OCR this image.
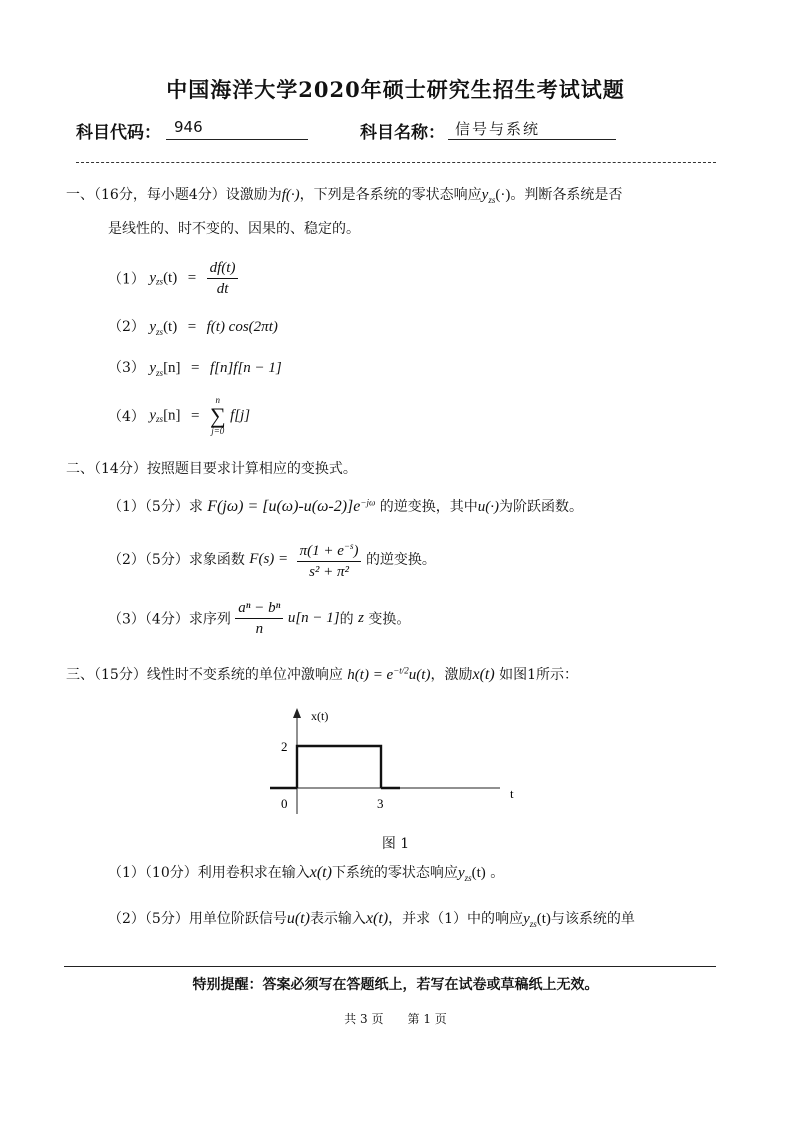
中国海洋大学2020年硕士研究生招生考试试题
科目代码： 946	科目名称： 信号与系统
一、（16分，每小题4分）设激励为f(·)，下列是各系统的零状态响应$y_{zs}(\cdot)$。判断各系统是否
是线性的、时不变的、因果的、稳定的。
（1） $yzs(t) = \frac{df(t)}{dt}$
（2） $y_{zs}(t) = f(t)$ cos(2πt)
（3） $y_{zs}[n] = f[n]f[n - 1]$
（4） yzs[n] =
n
∑
j=0
f[j]
二、（14分）按照题目要求计算相应的变换式。
（1）（5分）求 $F(j\omega) = [u(\omega)-u(\omega-2)]e^{-j\omega}$ 的逆变换，其中u(·)为阶跃函数。
（2）（5分）求象函数 $F(s) = \frac{\pi(1 + e^{-s})}{\text{s² + π²}}$ 的逆变换。
（3）（4分）求序列 $\frac{\text{aⁿ − bⁿ}}{n} u[n - 1]$的 z 变换。
三、（15分）线性时不变系统的单位冲激响应 $h(t) = e^{-t/2}u(t)$，激励x(t) 如图1所示：
x(t)
t
0	3
2
图 1
（1）（10分）利用卷积求在输入x(t)下系统的零状态响应$y_{zs}(t)$ 。
（2）（5分）用单位阶跃信号u(t)表示输入x(t)，并求（1）中的响应$y_{zs}(t)$与该系统的单
特别提醒：答案必须写在答题纸上，若写在试卷或草稿纸上无效。
共 3 页　　第 1 页
